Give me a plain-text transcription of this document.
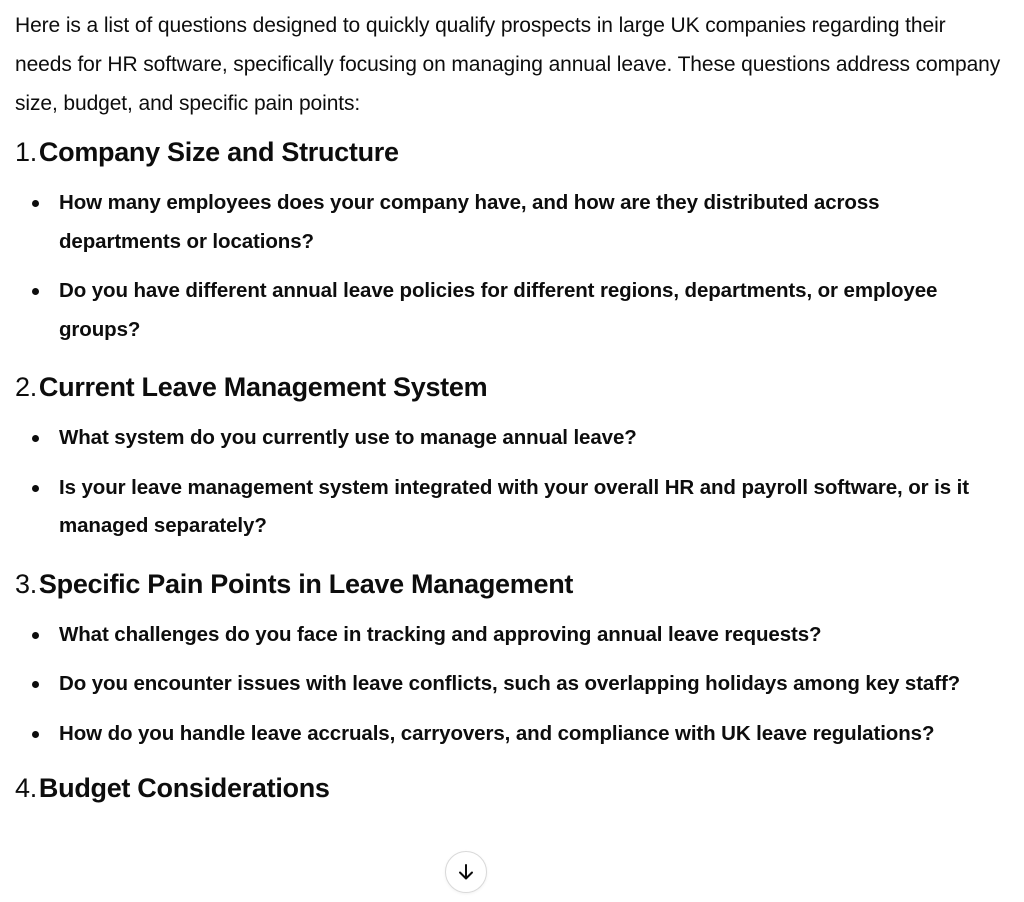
Here is a list of questions designed to quickly qualify prospects in large UK companies regarding their needs for HR software, specifically focusing on managing annual leave. These questions address company size, budget, and specific pain points:

1. Company Size and Structure
How many employees does your company have, and how are they distributed across departments or locations?
Do you have different annual leave policies for different regions, departments, or employee groups?
2. Current Leave Management System
What system do you currently use to manage annual leave?
Is your leave management system integrated with your overall HR and payroll software, or is it managed separately?
3. Specific Pain Points in Leave Management
What challenges do you face in tracking and approving annual leave requests?
Do you encounter issues with leave conflicts, such as overlapping holidays among key staff?
How do you handle leave accruals, carryovers, and compliance with UK leave regulations?
4. Budget Considerations
